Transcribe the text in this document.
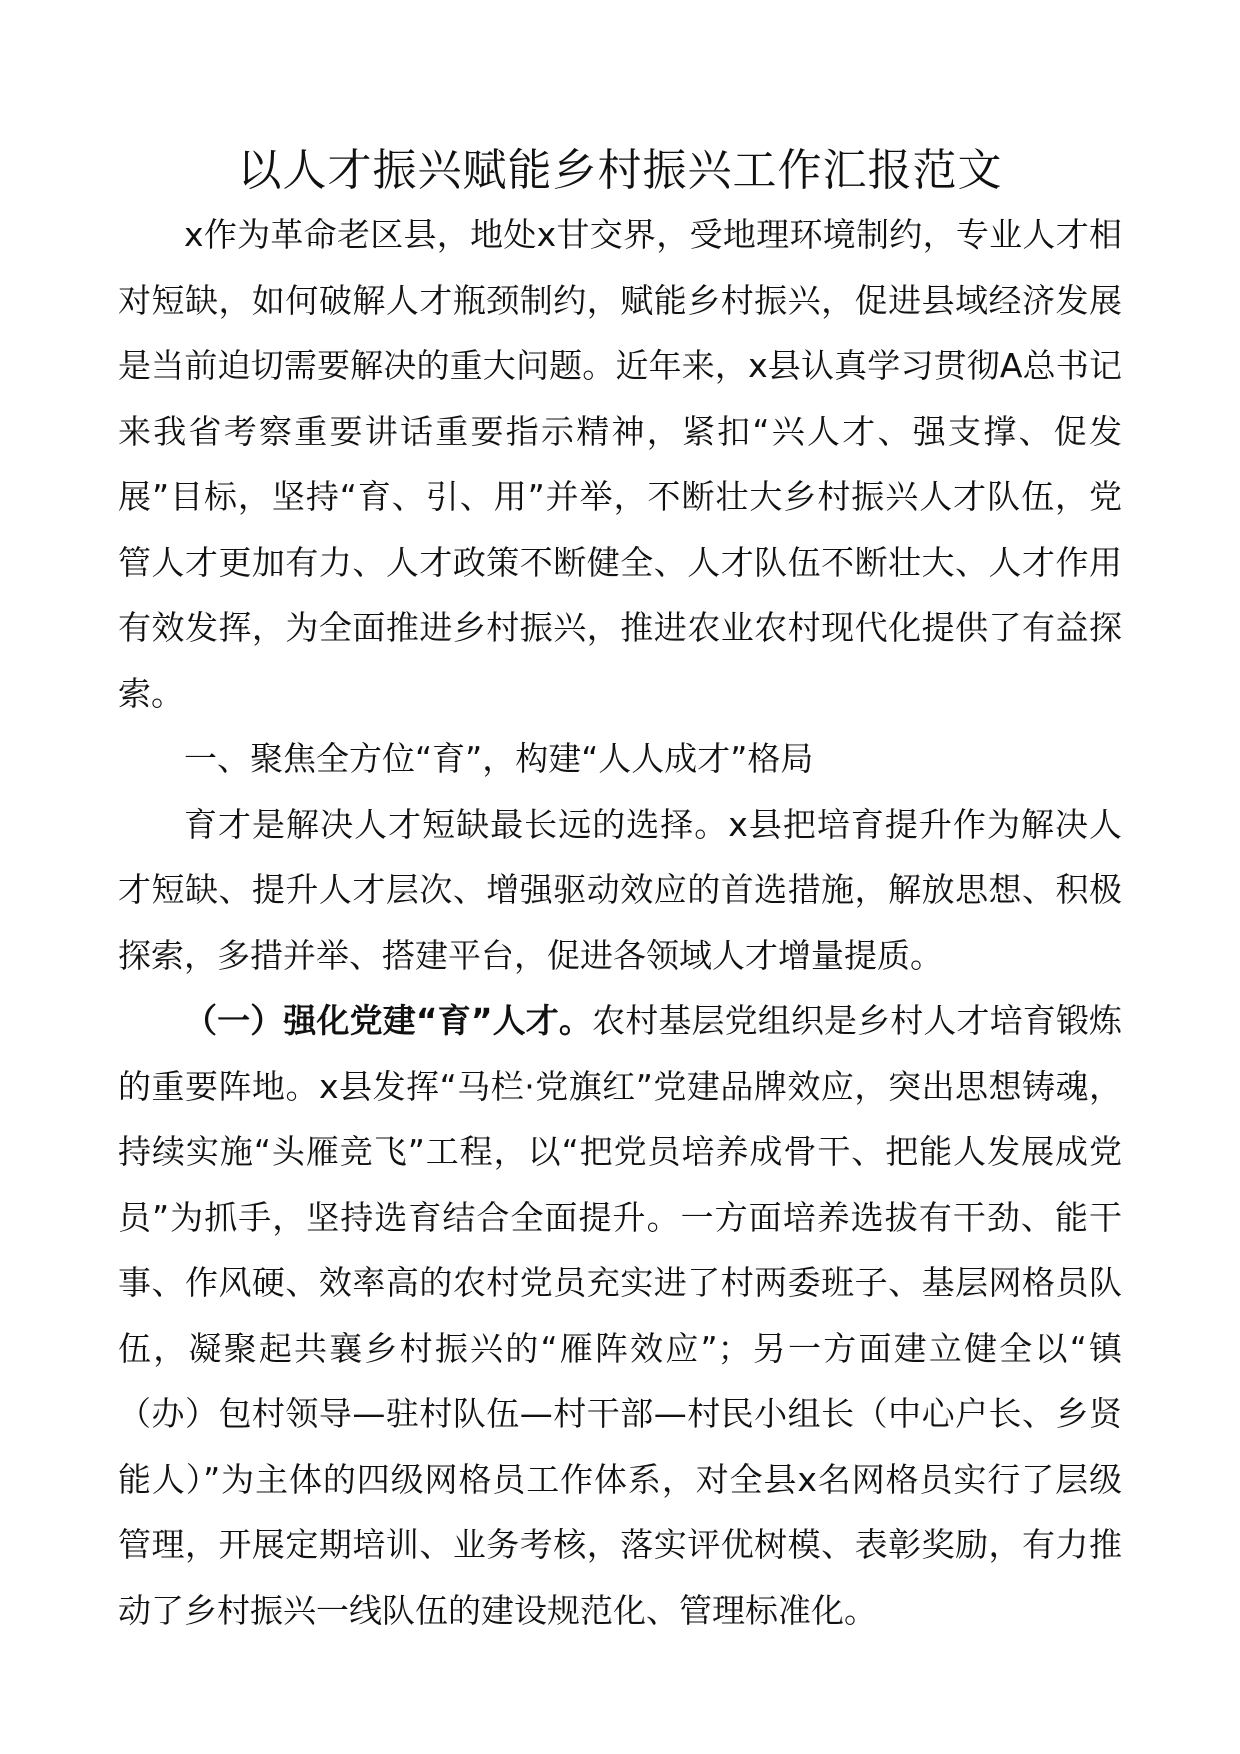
以人才振兴赋能乡村振兴工作汇报范文

x作为革命老区县，地处x甘交界，受地理环境制约，专业人才相对短缺，如何破解人才瓶颈制约，赋能乡村振兴，促进县域经济发展是当前迫切需要解决的重大问题。近年来，x县认真学习贯彻A总书记来我省考察重要讲话重要指示精神，紧扣“兴人才、强支撑、促发展”目标，坚持“育、引、用”并举，不断壮大乡村振兴人才队伍，党管人才更加有力、人才政策不断健全、人才队伍不断壮大、人才作用有效发挥，为全面推进乡村振兴，推进农业农村现代化提供了有益探索。

一、聚焦全方位“育”，构建“人人成才”格局

育才是解决人才短缺最长远的选择。x县把培育提升作为解决人才短缺、提升人才层次、增强驱动效应的首选措施，解放思想、积极探索，多措并举、搭建平台，促进各领域人才增量提质。

（一）强化党建“育”人才。农村基层党组织是乡村人才培育锻炼的重要阵地。x县发挥“马栏·党旗红”党建品牌效应，突出思想铸魂，持续实施“头雁竞飞”工程，以“把党员培养成骨干、把能人发展成党员”为抓手，坚持选育结合全面提升。一方面培养选拔有干劲、能干事、作风硬、效率高的农村党员充实进了村两委班子、基层网格员队伍，凝聚起共襄乡村振兴的“雁阵效应”；另一方面建立健全以“镇（办）包村领导—驻村队伍—村干部—村民小组长（中心户长、乡贤能人）”为主体的四级网格员工作体系，对全县x名网格员实行了层级管理，开展定期培训、业务考核，落实评优树模、表彰奖励，有力推动了乡村振兴一线队伍的建设规范化、管理标准化。
